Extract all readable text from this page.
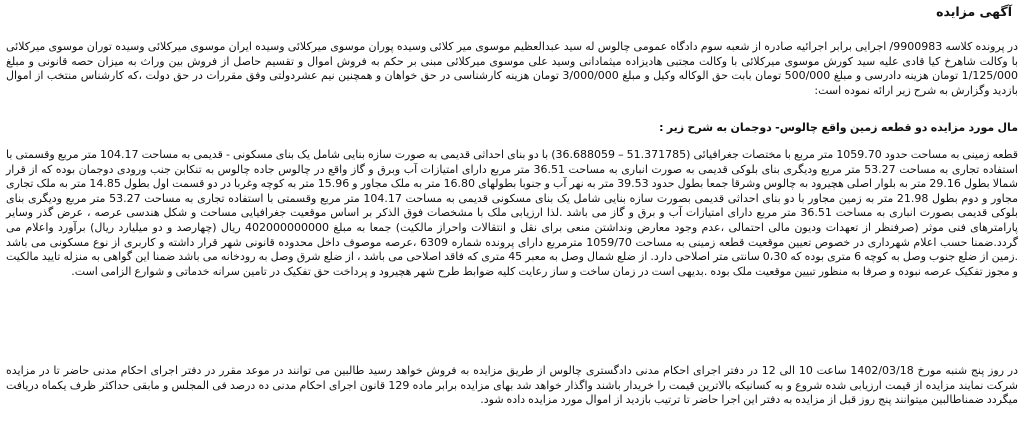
آگهی مزایده

در پرونده کلاسه 9900983/ اجرایی برابر اجرائیه صادره از شعبه سوم دادگاه عمومی چالوس له سید عبدالعظیم موسوی میر کلائی وسیده پوران موسوی میرکلائی وسیده ایران موسوی میرکلائی وسیده توران موسوی میرکلائی با وکالت شاهرخ کیا قادی علیه سید کورش موسوی میرکلائی با وکالت مجتبی هادیزاده میثمادانی وسید علی موسوی میرکلائی مبنی بر حکم به فروش اموال و تقسیم حاصل از فروش بین وراث به میزان حصه قانونی و مبلغ 1/125/000 تومان هزینه دادرسی و مبلغ 500/000 تومان بابت حق الوکاله وکیل و مبلغ 3/000/000 تومان هزینه کارشناسی در حق خواهان و همچنین نیم عشردولتی وفق مقررات در حق دولت ،که کارشناس منتخب از اموال بازدید وگزارش به شرح زیر ارائه نموده است:

مال مورد مزایده دو قطعه زمین واقع چالوس- دوجمان به شرح زیر :

قطعه زمینی به مساحت حدود 1059.70 متر مربع با مختصات جغرافیائی (51.371785 – 36.688059) با دو بنای احداثی قدیمی به صورت سازه بنایی شامل یک بنای مسکونی - قدیمی به مساحت 104.17 متر مربع وقسمتی با استفاده تجاری به مساحت 53.27 متر مربع ودیگری بنای بلوکی قدیمی به صورت انباری به مساحت 36.51 متر مربع دارای امتیازات آب وبرق و گاز واقع در چالوس جاده چالوس به تنکابن جنب ورودی دوجمان بوده که از قرار شمالا بطول 29.16 متر به بلوار اصلی هچیرود به چالوس وشرقا جمعا بطول حدود 39.53 متر به نهر آب و جنوبا بطولهای 16.80 متر به ملک مجاور و 15.96 متر به کوچه وغربا در دو قسمت اول بطول 14.85 متر به ملک تجاری مجاور و دوم بطول 21.98 متر به زمین مجاور با دو بنای احداثی قدیمی بصورت سازه بنایی شامل یک بنای مسکونی قدیمی به مساحت 104.17 متر مربع وقسمتی با استفاده تجاری به مساحت 53.27 متر مربع ودیگری بنای بلوکی قدیمی بصورت انباری به مساحت 36.51 متر مربع دارای امتیازات آب و برق و گاز می باشد .لذا ارزیابی ملک با مشخصات فوق الذکر بر اساس موقعیت جغرافیایی مساحت و شکل هندسی عرصه ، عرض گذر وسایر پارامترهای فنی موثر (صرفنظر از تعهدات ودیون مالی احتمالی ،عدم وجود معارض ونداشتن منعی برای نقل و انتقالات واحراز مالکیت) جمعا به مبلغ 402000000000 ریال (چهارصد و دو میلیارد ریال) برآورد واعلام می گردد.ضمنا حسب اعلام شهرداری در خصوص تعیین موقعیت قطعه زمینی به مساحت 1059/70 مترمربع دارای پرونده شماره 6309 ،عرصه موصوف داخل محدوده قانونی شهر قرار داشته و کاربری از نوع مسکونی می باشد .زمین از ضلع جنوب وصل به کوچه 6 متری بوده که 0،30 سانتی متر اصلاحی دارد. از ضلع شمال وصل به معبر 45 متری که فاقد اصلاحی می باشد ، از ضلع شرق وصل به رودخانه می باشد ضمنا این گواهی به منزله تایید مالکیت و مجوز تفکیک عرصه نبوده و صرفا به منظور تبیین موقعیت ملک بوده .بدیهی است در زمان ساخت و ساز رعایت کلیه ضوابط طرح شهر هچیرود و پرداخت حق تفکیک در تامین سرانه خدماتی و شوارع الزامی است.

در روز پنج شنبه مورخ 1402/03/18 ساعت 10 الی 12 در دفتر اجرای احکام مدنی دادگستری چالوس از طریق مزایده به فروش خواهد رسید طالبین می توانند در موعد مقرر در دفتر اجرای احکام مدنی حاضر تا در مزایده شرکت نمایند مزایده از قیمت ارزیابی شده شروع و به کسانیکه بالاترین قیمت را خریدار باشند واگذار خواهد شد بهای مزایده برابر ماده 129 قانون اجرای احکام مدنی ده درصد فی المجلس و مابقی حداکثر ظرف یکماه دریافت میگردد ضمناطالبین میتوانند پنج روز قبل از مزایده به دفتر این اجرا حاضر تا ترتیب بازدید از اموال مورد مزایده داده شود.
